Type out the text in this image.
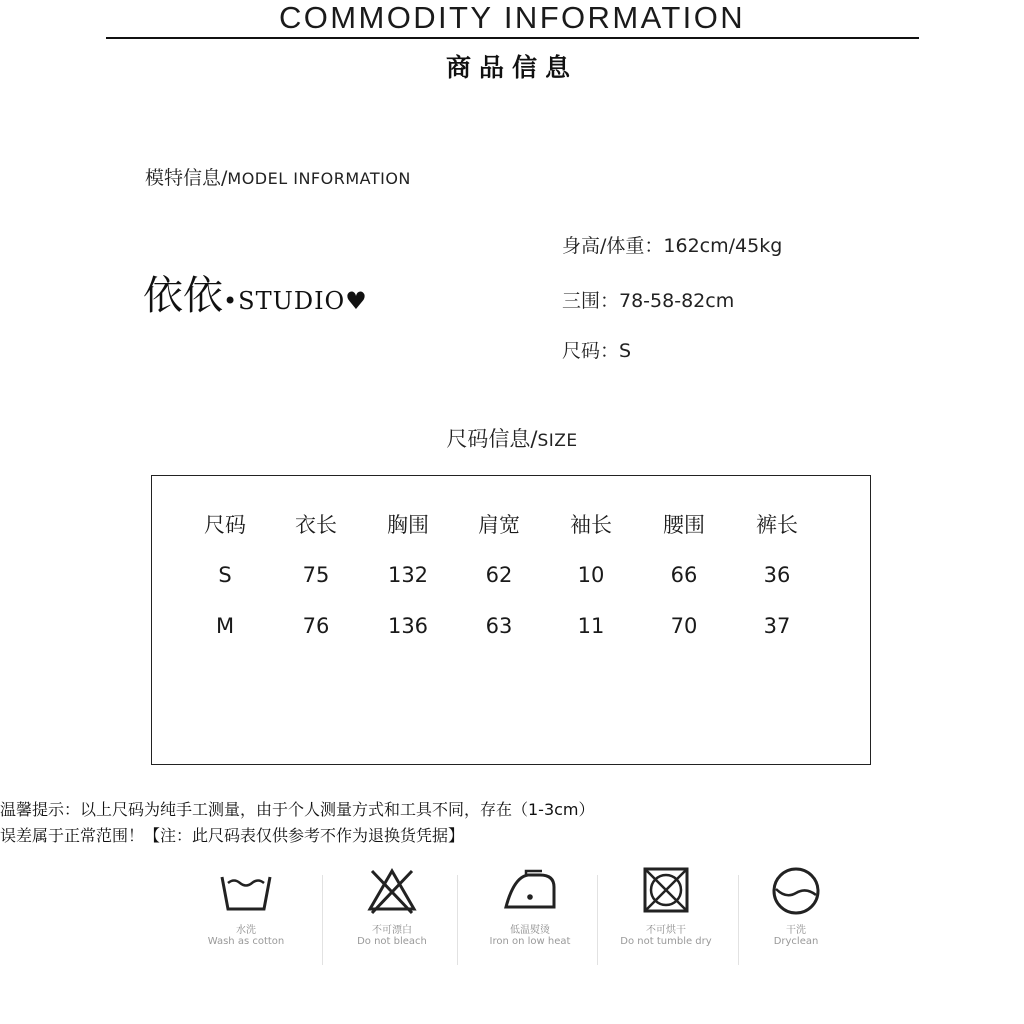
COMMODITY INFORMATION
商品信息
模特信息/MODEL INFORMATION
依依•STUDIO♥
身高/体重：162cm/45kg
三围：78-58-82cm
尺码：S
尺码信息/SIZE
尺码	衣长	胸围	肩宽	袖长	腰围	裤长
S	75	132	62	10	66	36
M	76	136	63	11	70	37
温馨提示：以上尺码为纯手工测量，由于个人测量方式和工具不同，存在（1-3cm）
误差属于正常范围！【注：此尺码表仅供参考不作为退换货凭据】
水洗
Wash as cotton
不可漂白
Do not bleach
低温熨烫
Iron on low heat
不可烘干
Do not tumble dry
干洗
Dryclean
